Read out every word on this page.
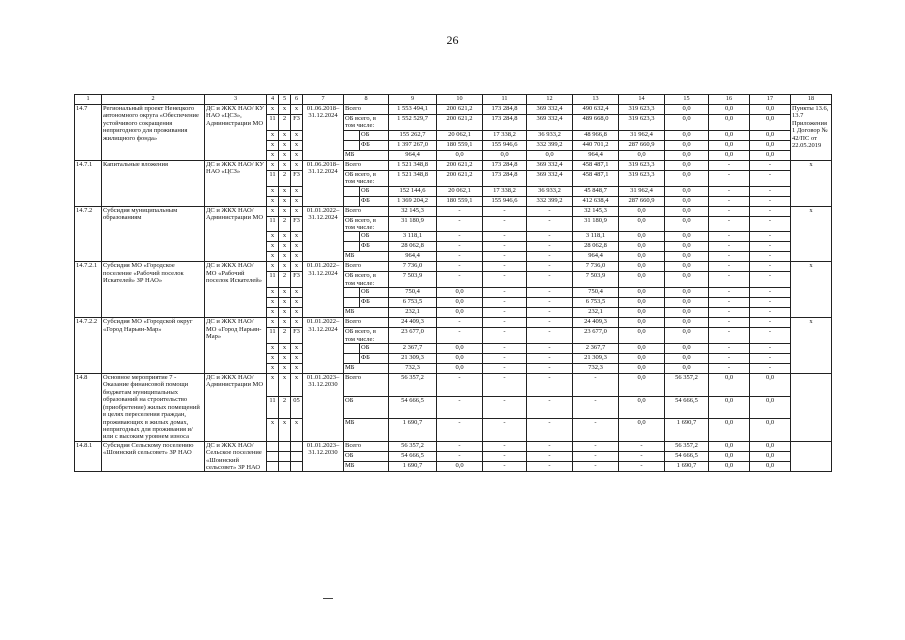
26
1	2	3	4	5	6	7	8		9	10	11	12	13	14	15	16	17	18
14.7	Региональный проект Ненецкого автономного округа «Обеспечение устойчивого сокращения непригодного для проживания жилищного фонда»	ДС и ЖКХ НАО/ КУ НАО «ЦСЗ», Администрации МО	x	x	x	01.06.2018– 31.12.2024	Всего		1 553 494,1	200 621,2	173 284,8	369 332,4	490 632,4	319 623,3	0,0	0,0	0,0	Пункты 13.6, 13.7 Приложения 1 Договор № 42/ПС от 22.05.2019
			11	2	F3		ОБ всего, в том числе:		1 552 529,7	200 621,2	173 284,8	369 332,4	489 668,0	319 623,3	0,0	0,0	0,0	
			x	x	x			ОБ	155 262,7	20 062,1	17 338,2	36 933,2	48 966,8	31 962,4	0,0	0,0	0,0	
			x	x	x			ФБ	1 397 267,0	180 559,1	155 946,6	332 399,2	440 701,2	287 660,9	0,0	0,0	0,0	
			x	x	x		МБ		964,4	0,0	0,0	0,0	964,4	0,0	0,0	0,0	0,0	
14.7.1	Капитальные вложения	ДС и ЖКХ НАО/ КУ НАО «ЦСЗ»	x	x	x	01.06.2018– 31.12.2024	Всего		1 521 348,8	200 621,2	173 284,8	369 332,4	458 487,1	319 623,3	0,0	-	-	x
			11	2	F3		ОБ всего, в том числе:		1 521 348,8	200 621,2	173 284,8	369 332,4	458 487,1	319 623,3	0,0	-	-	
			x	x	x			ОБ	152 144,6	20 062,1	17 338,2	36 933,2	45 848,7	31 962,4	0,0	-	-	
			x	x	x			ФБ	1 369 204,2	180 559,1	155 946,6	332 399,2	412 638,4	287 660,9	0,0	-	-	
14.7.2	Субсидия муниципальным образованиям	ДС и ЖКХ НАО/ Администрации МО	x	x	x	01.01.2022– 31.12.2024	Всего		32 145,3	-	-	-	32 145,3	0,0	0,0	-	-	x
			11	2	F3		ОБ всего, в том числе:		31 180,9	-	-	-	31 180,9	0,0	0,0	-	-	
			x	x	x			ОБ	3 118,1	-	-	-	3 118,1	0,0	0,0	-	-	
			x	x	x			ФБ	28 062,8	-	-	-	28 062,8	0,0	0,0	-	-	
			x	x	x		МБ		964,4	-	-	-	964,4	0,0	0,0	-	-	
14.7.2.1	Субсидия МО «Городское поселение «Рабочий поселок Искателей» ЗР НАО»	ДС и ЖКХ НАО/ МО «Рабочий поселок Искателей»	x	x	x	01.01.2022– 31.12.2024	Всего		7 736,0	-	-	-	7 736,0	0,0	0,0	-	-	x
			11	2	F3		ОБ всего, в том числе:		7 503,9	-	-	-	7 503,9	0,0	0,0	-	-	
			x	x	x			ОБ	750,4	0,0	-	-	750,4	0,0	0,0	-	-	
			x	x	x			ФБ	6 753,5	0,0	-	-	6 753,5	0,0	0,0	-	-	
			x	x	x		МБ		232,1	0,0	-	-	232,1	0,0	0,0	-	-	
14.7.2.2	Субсидия МО «Городской округ «Город Нарьян-Мар»	ДС и ЖКХ НАО/ МО «Город Нарьян-Мар»	x	x	x	01.01.2022– 31.12.2024	Всего		24 409,3	-	-	-	24 409,3	0,0	0,0	-	-	x
			11	2	F3		ОБ всего, в том числе:		23 677,0	-	-	-	23 677,0	0,0	0,0	-	-	
			x	x	x			ОБ	2 367,7	0,0	-	-	2 367,7	0,0	0,0	-	-	
			x	x	x			ФБ	21 309,3	0,0	-	-	21 309,3	0,0	0,0	-	-	
			x	x	x		МБ		732,3	0,0	-	-	732,3	0,0	0,0	-	-	
14.8	Основное мероприятие 7 - Оказание финансовой помощи бюджетам муниципальных образований на строительство (приобретение) жилых помещений в целях переселения граждан, проживающих в жилых домах, непригодных для проживания и/или с высоким уровнем износа	ДС и ЖКХ НАО/ Администрации МО	x	x	x	01.01.2023– 31.12.2030	Всего		56 357,2	-	-	-	-	0,0	56 357,2	0,0	0,0	
			11	2	05		ОБ		54 666,5	-	-	-	-	0,0	54 666,5	0,0	0,0	
			x	x	x		МБ		1 690,7	-	-	-	-	0,0	1 690,7	0,0	0,0	
14.8.1	Субсидия Сельскому поселению «Шоинский сельсовет» ЗР НАО	ДС и ЖКХ НАО/ Сельское поселение «Шоинский сельсовет» ЗР НАО				01.01.2023– 31.12.2030	Всего		56 357,2	-	-	-	-	-	56 357,2	0,0	0,0	
							ОБ		54 666,5	-	-	-	-	-	54 666,5	0,0	0,0	
							МБ		1 690,7	0,0	-	-	-	-	1 690,7	0,0	0,0	
